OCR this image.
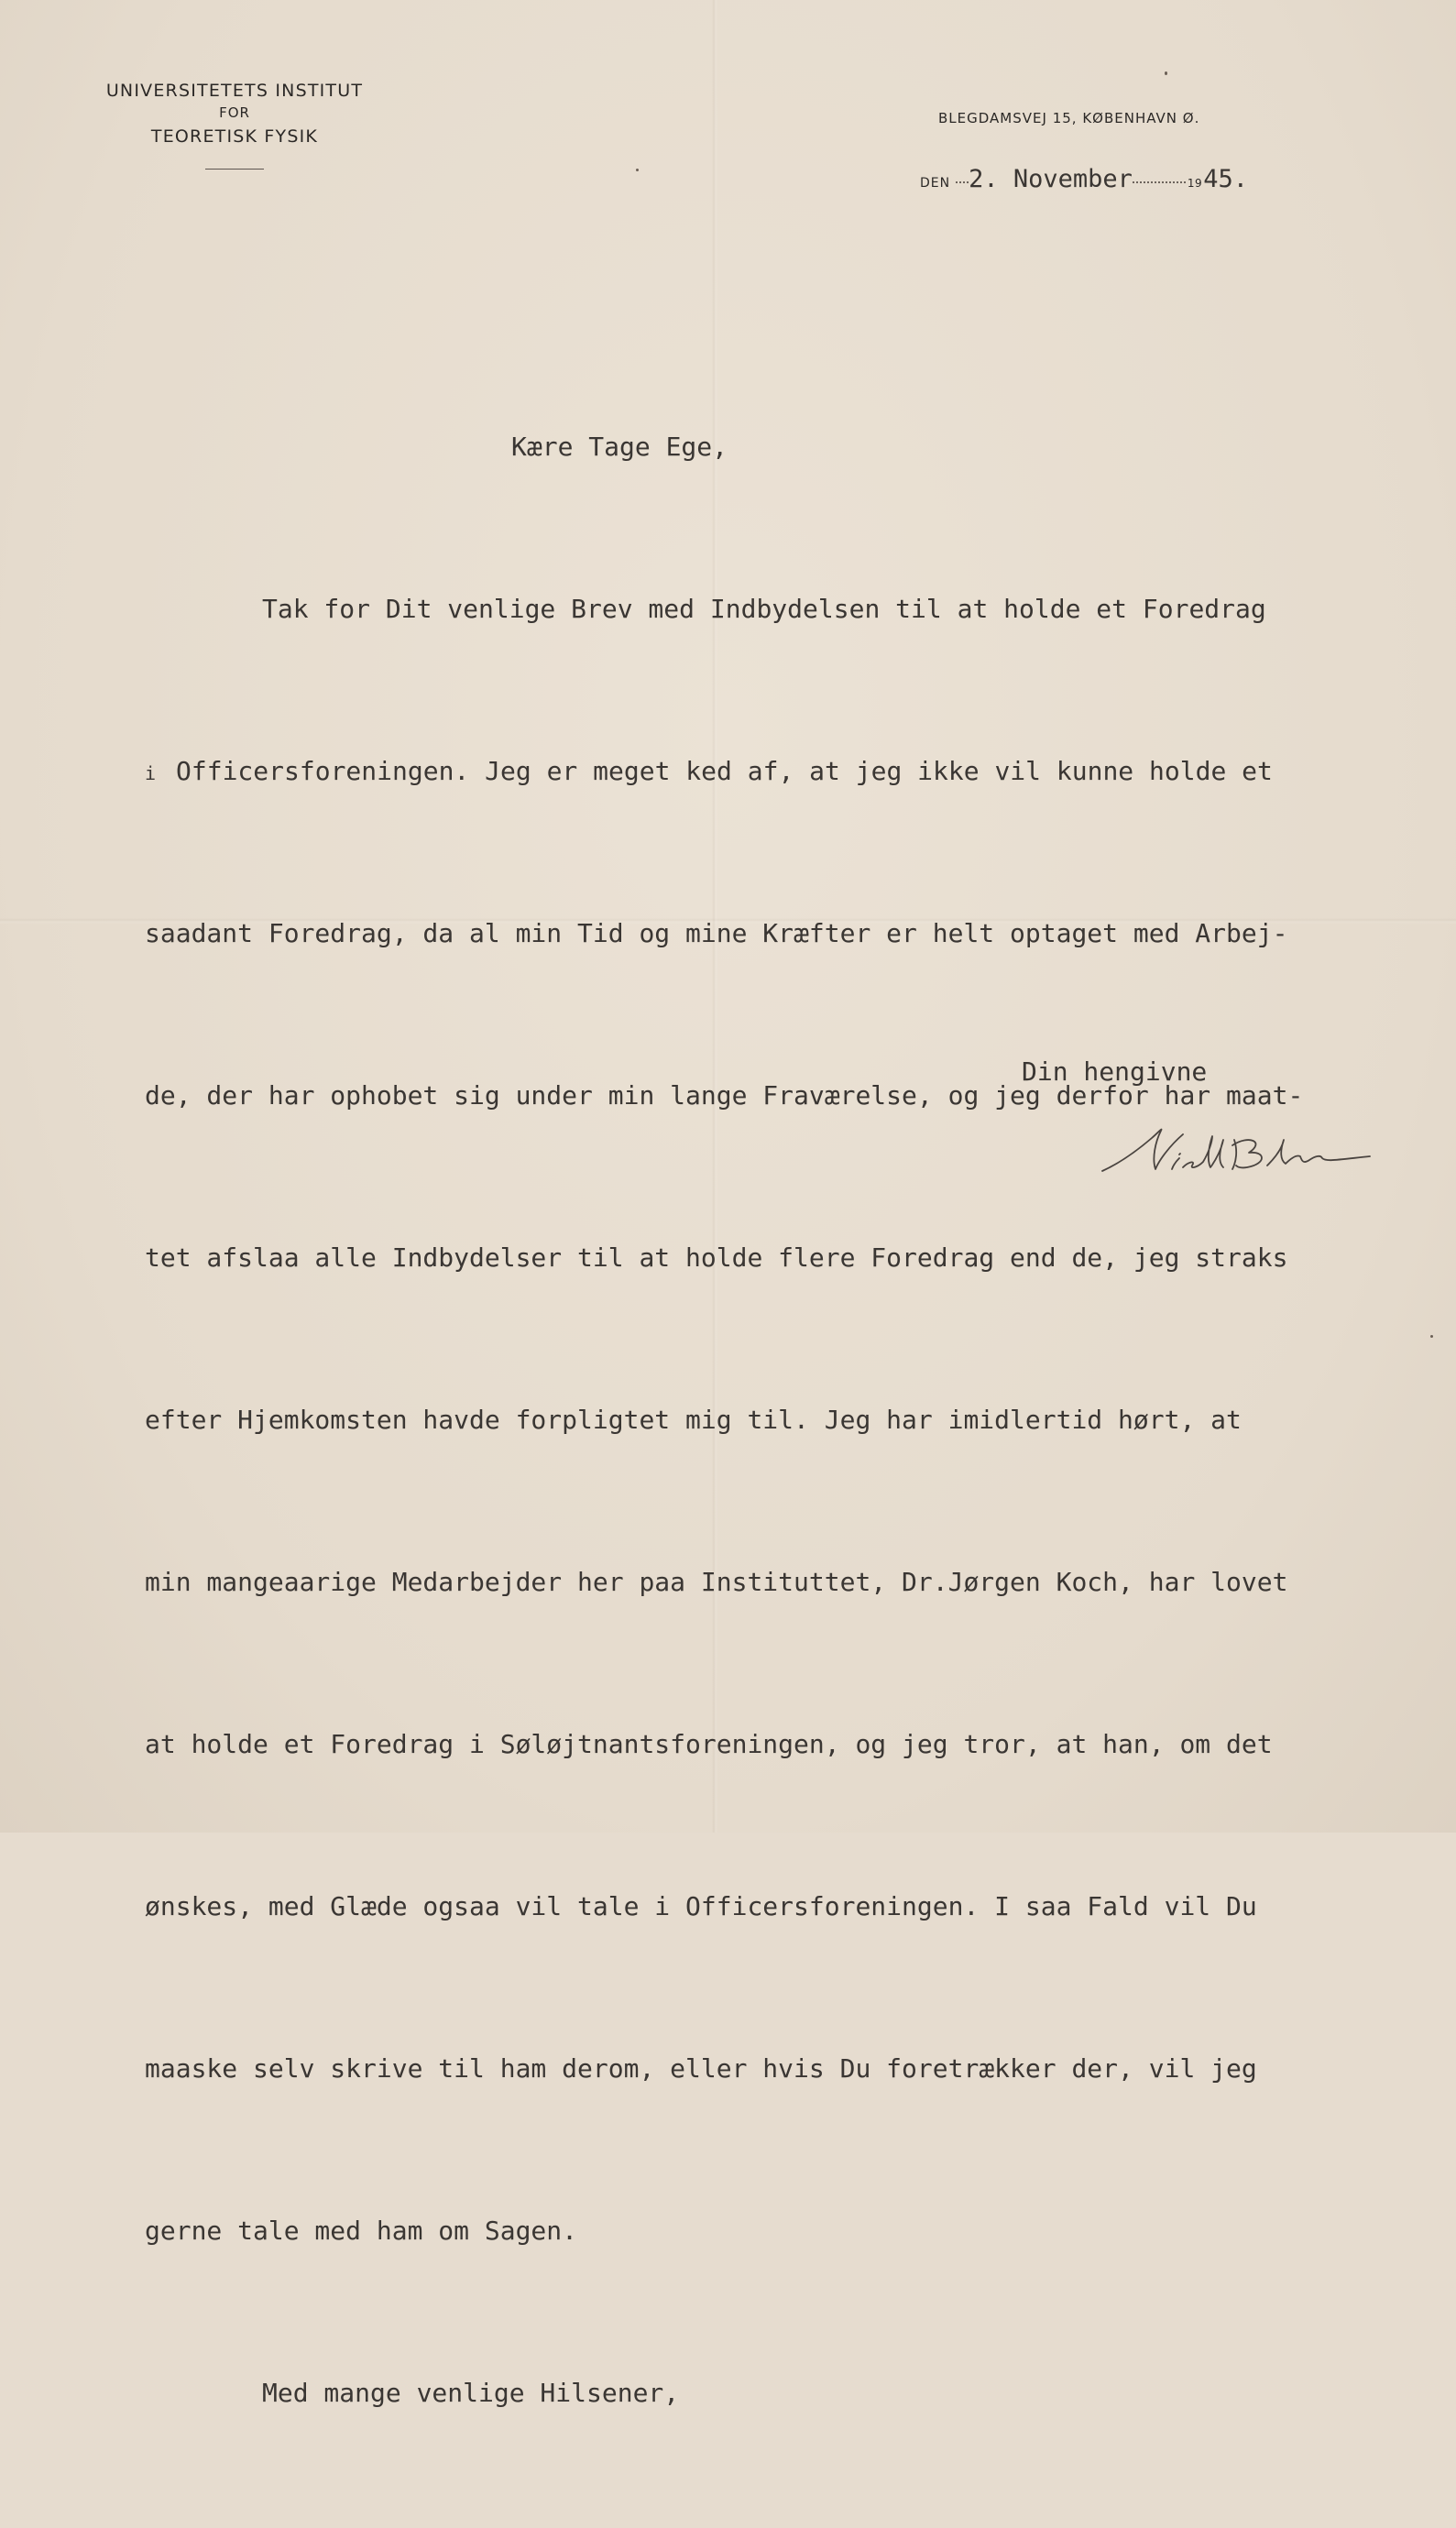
UNIVERSITETETS INSTITUT
FOR
TEORETISK FYSIK
BLEGDAMSVEJ 15, KØBENHAVN Ø.
DEN 2. November	19 45.

Kære Tage Ege,

Tak for Dit venlige Brev med Indbydelsen til at holde et Foredrag

i Officersforeningen. Jeg er meget ked af, at jeg ikke vil kunne holde et

saadant Foredrag, da al min Tid og mine Kræfter er helt optaget med Arbej-

de, der har ophobet sig under min lange Fraværelse, og jeg derfor har maat-

tet afslaa alle Indbydelser til at holde flere Foredrag end de, jeg straks

efter Hjemkomsten havde forpligtet mig til. Jeg har imidlertid hørt, at

min mangeaarige Medarbejder her paa Instituttet, Dr.Jørgen Koch, har lovet

at holde et Foredrag i Søløjtnantsforeningen, og jeg tror, at han, om det

ønskes, med Glæde ogsaa vil tale i Officersforeningen. I saa Fald vil Du

maaske selv skrive til ham derom, eller hvis Du foretrækker der, vil jeg

gerne tale med ham om Sagen.

Med mange venlige Hilsener,

Din hengivne
